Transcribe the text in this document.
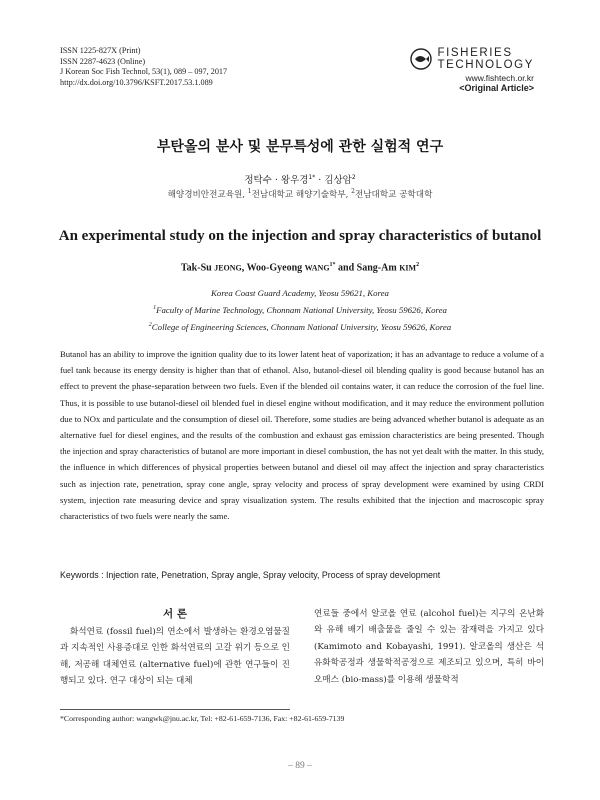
ISSN 1225-827X (Print)
ISSN 2287-4623 (Online)
J Korean Soc Fish Technol, 53(1), 089 – 097, 2017
http://dx.doi.org/10.3796/KSFT.2017.53.1.089
FISHERIES
TECHNOLOGY
www.fishtech.or.kr
<Original Article>
부탄올의 분사 및 분무특성에 관한 실험적 연구
정탁수 · 왕우경$^{1*}$ · 김상암$^2$
해양경비안전교육원, $^1$전남대학교 해양기술학부, $^2$전남대학교 공학대학
An experimental study on the injection and spray characteristics of butanol
Tak-Su JEONG, Woo-Gyeong $WANG^{1*}$ and Sang-Am KIM$^2$
Korea Coast Guard Academy, Yeosu 59621, Korea
$^1$Faculty of Marine Technology, Chonnam National University, Yeosu 59626, Korea
$^2$College of Engineering Sciences, Chonnam National University, Yeosu 59626, Korea
Butanol has an ability to improve the ignition quality due to its lower latent heat of vaporization; it has an advantage to reduce a volume of a fuel tank because its energy density is higher than that of ethanol. Also, butanol-diesel oil blending quality is good because butanol has an effect to prevent the phase-separation between two fuels. Even if the blended oil contains water, it can reduce the corrosion of the fuel line. Thus, it is possible to use butanol-diesel oil blended fuel in diesel engine without modification, and it may reduce the environment pollution due to NOx and particulate and the consumption of diesel oil. Therefore, some studies are being advanced whether butanol is adequate as an alternative fuel for diesel engines, and the results of the combustion and exhaust gas emission characteristics are being presented. Though the injection and spray characteristics of butanol are more important in diesel combustion, the has not yet dealt with the matter. In this study, the influence in which differences of physical properties between butanol and diesel oil may affect the injection and spray characteristics such as injection rate, penetration, spray cone angle, spray velocity and process of spray development were examined by using CRDI system, injection rate measuring device and spray visualization system. The results exhibited that the injection and macroscopic spray characteristics of two fuels were nearly the same.
Keywords : Injection rate, Penetration, Spray angle, Spray velocity, Process of spray development
서 론
화석연료 (fossil fuel)의 연소에서 발생하는 환경오염물질과 지속적인 사용증대로 인한 화석연료의 고갈 위기 등으로 인해, 저공해 대체연료 (alternative fuel)에 관한 연구들이 진행되고 있다. 연구 대상이 되는 대체
연료들 중에서 알코올 연료 (alcohol fuel)는 지구의 온난화와 유해 배기 배출물을 줄일 수 있는 잠재력을 가지고 있다 (Kamimoto and Kobayashi, 1991). 알코올의 생산은 석유화학공정과 생물학적공정으로 제조되고 있으며, 특히 바이오매스 (bio-mass)를 이용해 생물학적
*Corresponding author: wangwk@jnu.ac.kr, Tel: +82-61-659-7136, Fax: +82-61-659-7139
– 89 –
